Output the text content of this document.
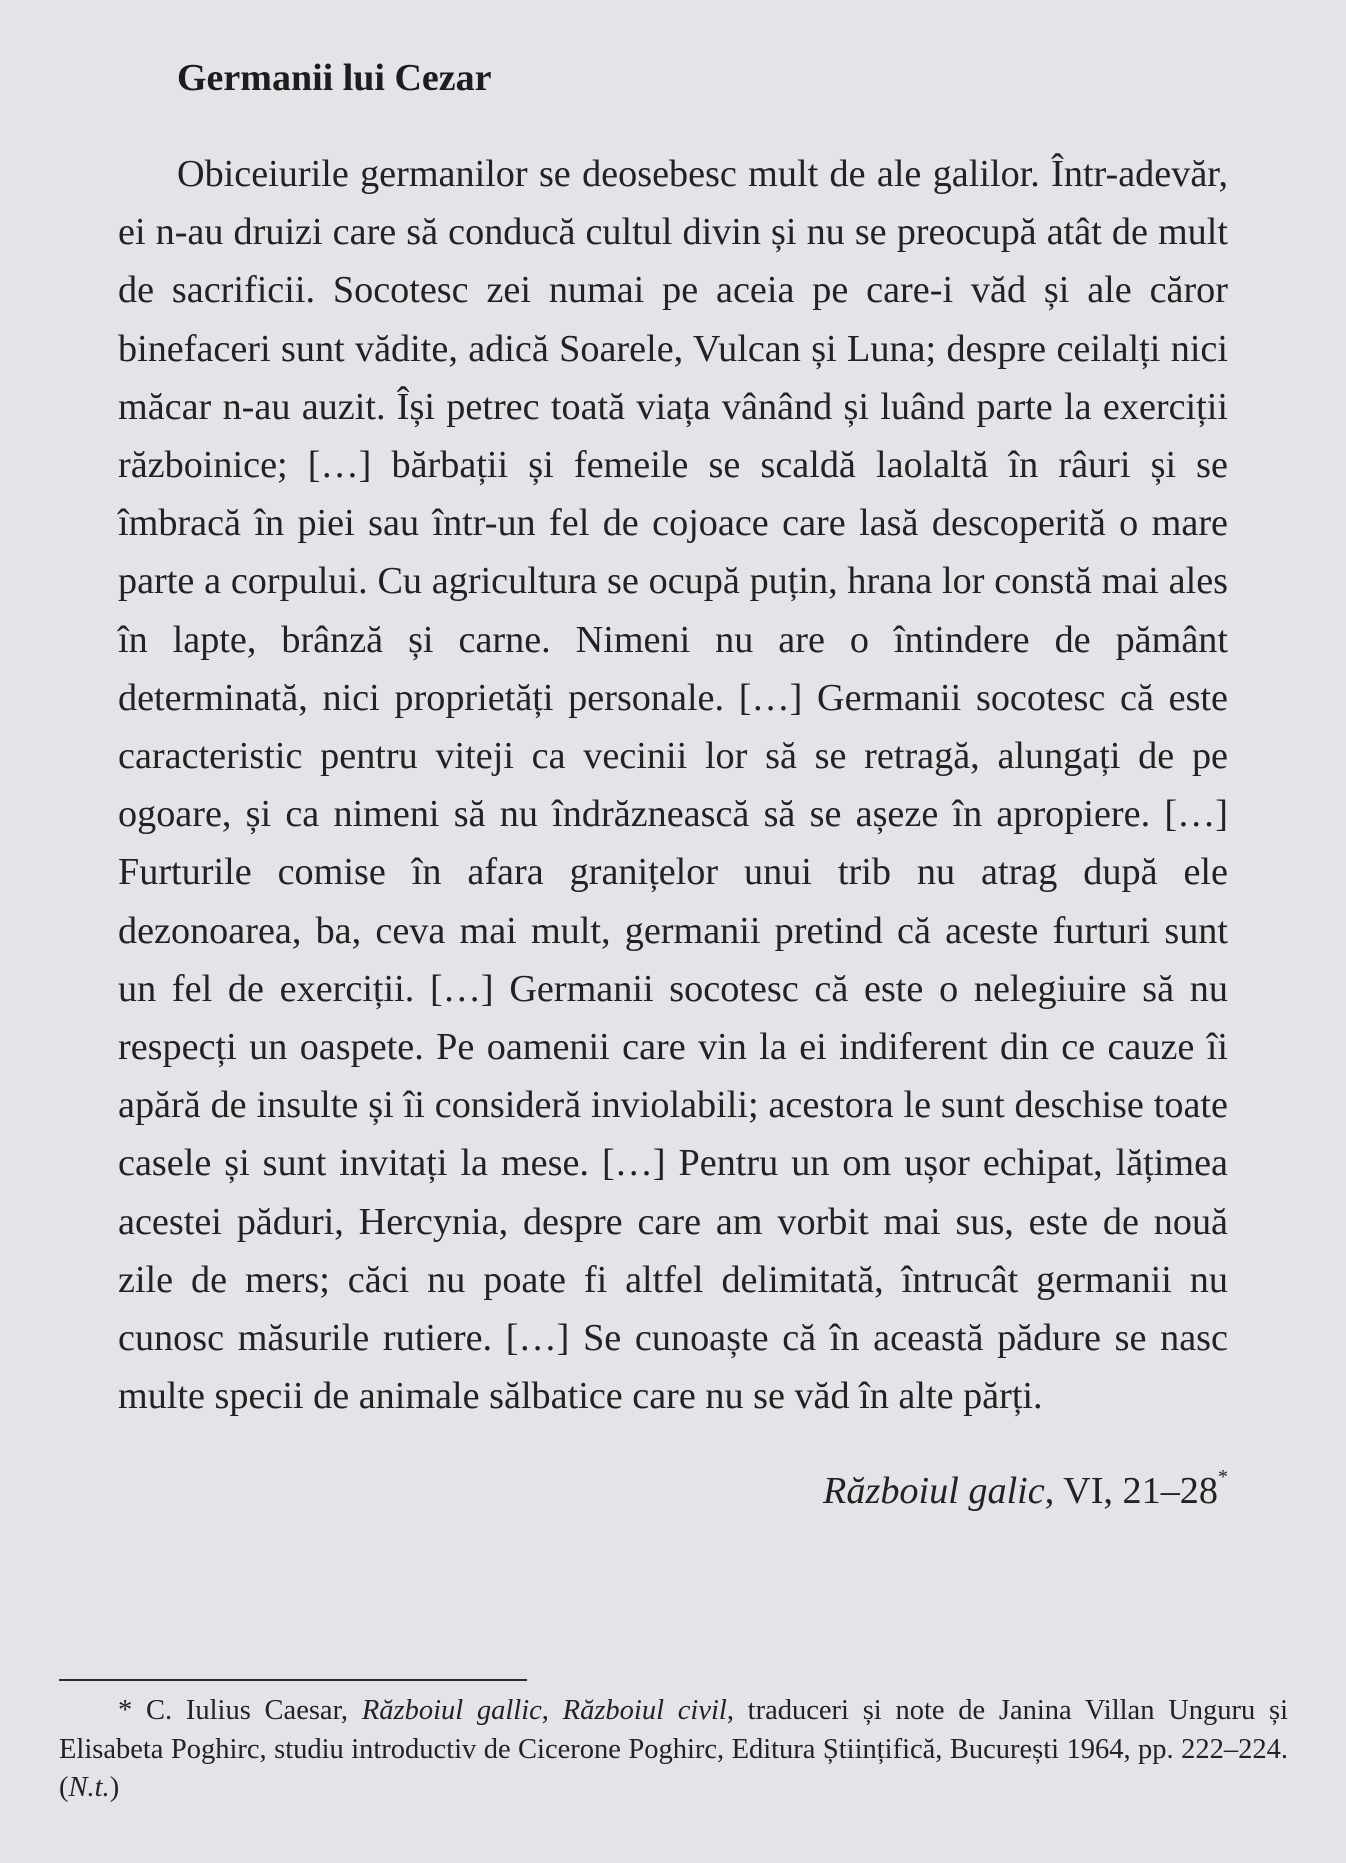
Germanii lui Cezar

Obiceiurile germanilor se deosebesc mult de ale galilor. Într-adevăr, ei n-au druizi care să conducă cultul divin și nu se preocupă atât de mult de sacrificii. Socotesc zei numai pe aceia pe care-i văd și ale căror binefaceri sunt vădite, adică Soarele, Vulcan și Luna; despre ceilalți nici măcar n-au auzit. Își petrec toată viața vânând și luând parte la exerciții războinice; […] bărbații și femeile se scaldă laolaltă în râuri și se îmbracă în piei sau într-un fel de cojoace care lasă descoperită o mare parte a corpului. Cu agricultura se ocupă puțin, hrana lor constă mai ales în lapte, brânză și carne. Nimeni nu are o întindere de pământ determinată, nici proprietăți personale. […] Germanii socotesc că este caracteristic pentru viteji ca vecinii lor să se retragă, alungați de pe ogoare, și ca nimeni să nu îndrăznească să se așeze în apropiere. […] Furturile comise în afara granițelor unui trib nu atrag după ele dezonoarea, ba, ceva mai mult, germanii pretind că aceste furturi sunt un fel de exerciții. […] Germanii socotesc că este o nelegiuire să nu respecți un oaspete. Pe oamenii care vin la ei indiferent din ce cauze îi apără de insulte și îi consideră inviolabili; acestora le sunt deschise toate casele și sunt invitați la mese. […] Pentru un om ușor echipat, lățimea acestei păduri, Hercynia, despre care am vorbit mai sus, este de nouă zile de mers; căci nu poate fi altfel delimitată, întrucât germanii nu cunosc măsurile rutiere. […] Se cunoaște că în această pădure se nasc multe specii de animale sălbatice care nu se văd în alte părți.

Războiul galic, VI, 21–28*

* C. Iulius Caesar, Războiul gallic, Războiul civil, traduceri și note de Janina Villan Unguru și Elisabeta Poghirc, studiu introductiv de Cicerone Poghirc, Editura Științifică, București 1964, pp. 222–224. (N.t.)
